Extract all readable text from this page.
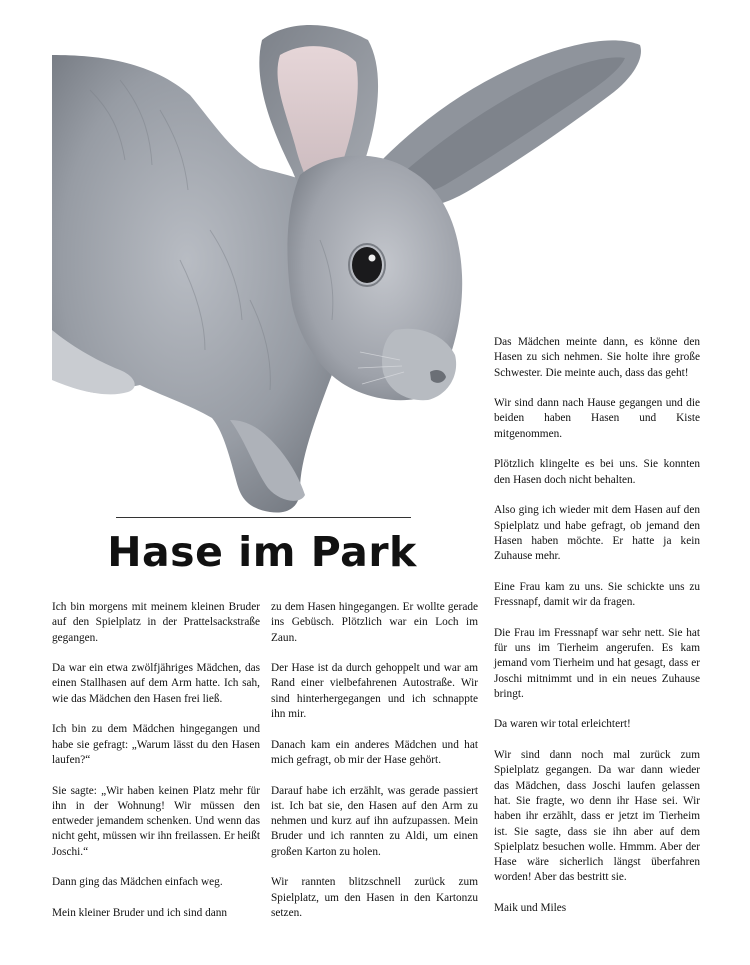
Hase im Park

Ich bin morgens mit meinem kleinen Bruder auf den Spielplatz in der Prattelsackstraße gegangen.

Da war ein etwa zwölfjähriges Mädchen, das einen Stallhasen auf dem Arm hatte. Ich sah, wie das Mädchen den Hasen frei ließ.

Ich bin zu dem Mädchen hingegangen und habe sie gefragt: „Warum lässt du den Hasen laufen?“

Sie sagte: „Wir haben keinen Platz mehr für ihn in der Wohnung! Wir müssen den entweder jemandem schenken. Und wenn das nicht geht, müssen wir ihn freilassen. Er heißt Joschi.“

Dann ging das Mädchen einfach weg.

Mein kleiner Bruder und ich sind dann

zu dem Hasen hingegangen. Er wollte gerade ins Gebüsch. Plötzlich war ein Loch im Zaun.

Der Hase ist da durch gehoppelt und war am Rand einer vielbefahrenen Autostraße. Wir sind hinterhergegangen und ich schnappte ihn mir.

Danach kam ein anderes Mädchen und hat mich gefragt, ob mir der Hase gehört.

Darauf habe ich erzählt, was gerade passiert ist. Ich bat sie, den Hasen auf den Arm zu nehmen und kurz auf ihn aufzupassen. Mein Bruder und ich rannten zu Aldi, um einen großen Karton zu holen.

Wir rannten blitzschnell zurück zum Spielplatz, um den Hasen in den Kartonzu setzen.

Das Mädchen meinte dann, es könne den Hasen zu sich nehmen. Sie holte ihre große Schwester. Die meinte auch, dass das geht!

Wir sind dann nach Hause gegangen und die beiden haben Hasen und Kiste mitgenommen.

Plötzlich klingelte es bei uns. Sie konnten den Hasen doch nicht behalten.

Also ging ich wieder mit dem Hasen auf den Spielplatz und habe gefragt, ob jemand den Hasen haben möchte. Er hatte ja kein Zuhause mehr.

Eine Frau kam zu uns. Sie schickte uns zu Fressnapf, damit wir da fragen.

Die Frau im Fressnapf war sehr nett. Sie hat für uns im Tierheim angerufen. Es kam jemand vom Tierheim und hat gesagt, dass er Joschi mitnimmt und in ein neues Zuhause bringt.

Da waren wir total erleichtert!

Wir sind dann noch mal zurück zum Spielplatz gegangen. Da war dann wieder das Mädchen, dass Joschi laufen gelassen hat. Sie fragte, wo denn ihr Hase sei. Wir haben ihr erzählt, dass er jetzt im Tierheim ist. Sie sagte, dass sie ihn aber auf dem Spielplatz besuchen wolle. Hmmm. Aber der Hase wäre sicherlich längst überfahren worden! Aber das bestritt sie.

Maik und Miles
